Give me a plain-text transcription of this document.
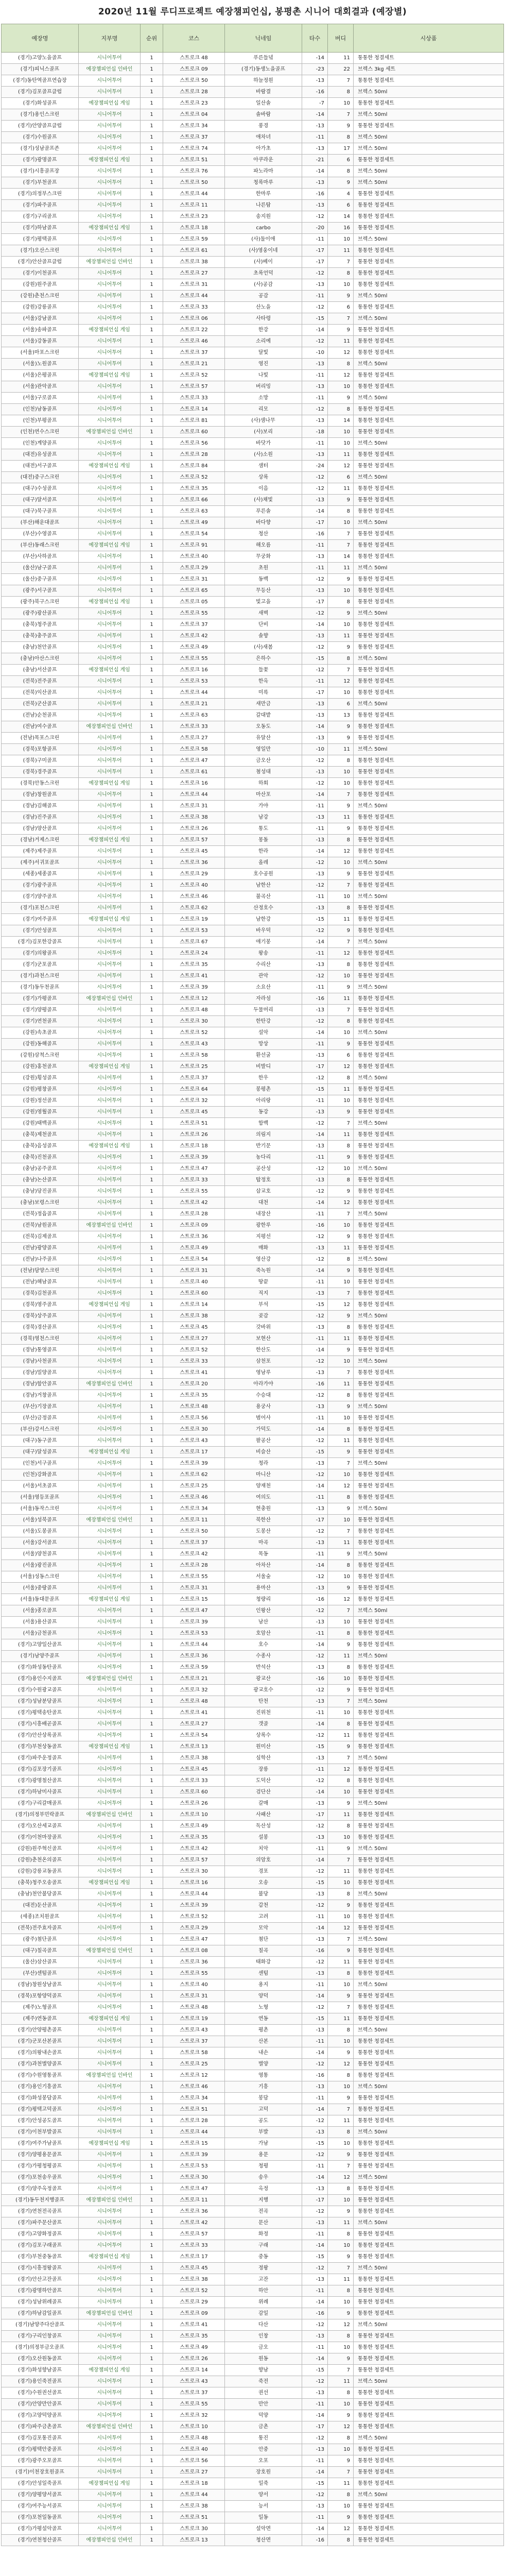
2020년 11월 루디프로젝트 예장챔피언십, 봉평촌 시니어 대회결과 (예장별)
예장명	지부명	순위	코스	닉네임	타수	버디	시상품
(경기)고양노을골프	시니어투어	1	스트로크 48	푸른들녘	-14	11	통통한 청결세트
(경기)피닉스골프	예장챔피언십 인바인	1	스트로크 09	(경기)동생노을골프	-23	22	브렉스 3kg 세트
(경기)동탄역골프연습장	시니어투어	1	스트로크 50	하늘정원	-13	7	통통한 청결세트
(경기)김포골프클럽	시니어투어	1	스트로크 28	바람결	-16	8	브렉스 50ml
(경기)화성골프	예장챔피언십 게임	1	스트로크 23	일산솔	-7	10	통통한 청결세트
(경기)용인스크린	시니어투어	1	스트로크 04	솔바람	-14	7	브렉스 50ml
(경기)안양골프클럽	시니어투어	1	스트로크 34	풍경	-13	9	통통한 청결세트
(경기)수원골프	시니어투어	1	스트로크 37	애차녀	-11	8	브렉스 50ml
(경기)성남골프존	시니어투어	1	스트로크 74	아가초	-13	17	브렉스 50ml
(경기)광명골프	예장챔피언십 게임	1	스트로크 51	아쿠라운	-21	6	통통한 청결세트
(경기)시흥골프장	시니어투어	1	스트로크 76	파노라마	-14	8	브렉스 50ml
(경기)부천골프	시니어투어	1	스트로크 50	청록마루	-13	9	브렉스 50ml
(경기)의정부스크린	시니어투어	1	스트로크 44	한마루	-16	4	통통한 청결세트
(경기)파주골프	시니어투어	1	스트로크 11	나른탐	-13	6	통통한 청결세트
(경기)구리골프	시니어투어	1	스트로크 23	송지원	-12	14	통통한 청결세트
(경기)하남골프	예장챔피언십 게임	1	스트로크 18	carbo	-20	16	통통한 청결세트
(경기)평택골프	시니어투어	1	스트로크 59	(사)둘이애	-11	10	브렉스 50ml
(경기)오산스크린	시니어투어	1	스트로크 61	(사)영웅이네	-17	11	통통한 청결세트
(경기)안산골프클럽	예장챔피언십 인바인	1	스트로크 38	(사)베이	-17	7	통통한 청결세트
(경기)이천골프	시니어투어	1	스트로크 27	초록언덕	-12	8	통통한 청결세트
(강원)원주골프	시니어투어	1	스트로크 31	(사)공감	-13	10	통통한 청결세트
(강원)춘천스크린	시니어투어	1	스트로크 44	공감	-11	9	브렉스 50ml
(강원)강릉골프	시니어투어	1	스트로크 33	산노을	-12	6	통통한 청결세트
(서울)강남골프	시니어투어	1	스트로크 06	사타령	-15	7	브렉스 50ml
(서울)송파골프	예장챔피언십 게임	1	스트로크 22	한강	-14	9	통통한 청결세트
(서울)강동골프	시니어투어	1	스트로크 46	소리예	-12	11	통통한 청결세트
(서울)마포스크린	시니어투어	1	스트로크 37	달빛	-10	12	통통한 청결세트
(서울)노원골프	시니어투어	1	스트로크 21	영진	-13	8	브렉스 50ml
(서울)은평골프	예장챔피언십 게임	1	스트로크 52	나빛	-11	12	통통한 청결세트
(서울)관악골프	시니어투어	1	스트로크 57	버리밍	-13	10	통통한 청결세트
(서울)구로골프	시니어투어	1	스트로크 33	소망	-11	9	브렉스 50ml
(인천)남동골프	시니어투어	1	스트로크 14	리모	-12	8	통통한 청결세트
(인천)부평골프	시니어투어	1	스트로크 81	(사)샘나무	-13	14	통통한 청결세트
(인천)연수스크린	예장챔피언십 인바인	1	스트로크 60	(사)보리	-18	10	통통한 청결세트
(인천)계양골프	시니어투어	1	스트로크 56	바닷가	-11	10	브렉스 50ml
(대전)유성골프	시니어투어	1	스트로크 28	(사)소원	-13	11	통통한 청결세트
(대전)서구골프	예장챔피언십 게임	1	스트로크 84	샘터	-24	12	통통한 청결세트
(대전)중구스크린	시니어투어	1	스트로크 52	상록	-12	6	브렉스 50ml
(대구)수성골프	시니어투어	1	스트로크 35	이음	-12	11	통통한 청결세트
(대구)달서골프	시니어투어	1	스트로크 66	(사)채빛	-13	9	통통한 청결세트
(대구)북구골프	시니어투어	1	스트로크 63	푸른솔	-14	8	통통한 청결세트
(부산)해운대골프	시니어투어	1	스트로크 49	바다향	-17	10	브렉스 50ml
(부산)수영골프	시니어투어	1	스트로크 54	청산	-16	7	통통한 청결세트
(부산)동래스크린	예장챔피언십 게임	1	스트로크 91	해오름	-11	7	통통한 청결세트
(부산)사하골프	시니어투어	1	스트로크 40	무궁화	-13	14	통통한 청결세트
(울산)남구골프	시니어투어	1	스트로크 29	초원	-11	11	브렉스 50ml
(울산)중구골프	시니어투어	1	스트로크 31	동백	-12	9	통통한 청결세트
(광주)서구골프	시니어투어	1	스트로크 65	무등산	-13	10	통통한 청결세트
(광주)북구스크린	예장챔피언십 게임	1	스트로크 05	빛고을	-17	8	통통한 청결세트
(광주)광산골프	시니어투어	1	스트로크 55	새벽	-12	9	브렉스 50ml
(충북)청주골프	시니어투어	1	스트로크 37	단비	-14	10	통통한 청결세트
(충북)충주골프	시니어투어	1	스트로크 42	솔향	-13	11	통통한 청결세트
(충남)천안골프	시니어투어	1	스트로크 49	(사)새봄	-12	9	통통한 청결세트
(충남)아산스크린	시니어투어	1	스트로크 55	은하수	-15	8	브렉스 50ml
(충남)서산골프	예장챔피언십 게임	1	스트로크 16	들꽃	-12	7	통통한 청결세트
(전북)전주골프	시니어투어	1	스트로크 53	한옥	-11	12	통통한 청결세트
(전북)익산골프	시니어투어	1	스트로크 44	미륵	-17	10	통통한 청결세트
(전북)군산골프	시니어투어	1	스트로크 21	새만금	-13	6	브렉스 50ml
(전남)순천골프	시니어투어	1	스트로크 63	갈대밭	-13	13	통통한 청결세트
(전남)여수골프	예장챔피언십 인바인	1	스트로크 33	오동도	-14	9	통통한 청결세트
(전남)목포스크린	시니어투어	1	스트로크 27	유달산	-13	9	통통한 청결세트
(경북)포항골프	시니어투어	1	스트로크 58	영일만	-10	11	브렉스 50ml
(경북)구미골프	시니어투어	1	스트로크 47	금오산	-12	8	통통한 청결세트
(경북)경주골프	시니어투어	1	스트로크 61	첨성대	-13	10	통통한 청결세트
(경북)안동스크린	예장챔피언십 게임	1	스트로크 16	하회	-12	10	통통한 청결세트
(경남)창원골프	시니어투어	1	스트로크 44	마산포	-14	7	통통한 청결세트
(경남)김해골프	시니어투어	1	스트로크 31	가야	-11	9	브렉스 50ml
(경남)진주골프	시니어투어	1	스트로크 38	남강	-13	11	통통한 청결세트
(경남)양산골프	시니어투어	1	스트로크 26	통도	-11	9	통통한 청결세트
(경남)거제스크린	예장챔피언십 게임	1	스트로크 57	몽돌	-13	8	통통한 청결세트
(제주)제주골프	시니어투어	1	스트로크 45	한라	-14	12	통통한 청결세트
(제주)서귀포골프	시니어투어	1	스트로크 36	올레	-12	10	브렉스 50ml
(세종)세종골프	시니어투어	1	스트로크 29	호수공원	-13	9	통통한 청결세트
(경기)광주골프	시니어투어	1	스트로크 40	남한산	-12	7	통통한 청결세트
(경기)양주골프	시니어투어	1	스트로크 46	불곡산	-11	10	브렉스 50ml
(경기)포천스크린	시니어투어	1	스트로크 62	산정호수	-13	8	통통한 청결세트
(경기)여주골프	예장챔피언십 게임	1	스트로크 19	남한강	-15	11	통통한 청결세트
(경기)안성골프	시니어투어	1	스트로크 53	바우덕	-12	9	통통한 청결세트
(경기)김포한강골프	시니어투어	1	스트로크 67	애기봉	-14	7	브렉스 50ml
(경기)의왕골프	시니어투어	1	스트로크 24	왕송	-11	12	통통한 청결세트
(경기)군포골프	시니어투어	1	스트로크 35	수리산	-13	8	통통한 청결세트
(경기)과천스크린	시니어투어	1	스트로크 41	관악	-12	10	통통한 청결세트
(경기)동두천골프	시니어투어	1	스트로크 39	소요산	-11	9	브렉스 50ml
(경기)가평골프	예장챔피언십 인바인	1	스트로크 12	자라섬	-16	11	통통한 청결세트
(경기)양평골프	시니어투어	1	스트로크 48	두물머리	-13	7	통통한 청결세트
(경기)연천골프	시니어투어	1	스트로크 30	한탄강	-12	8	통통한 청결세트
(강원)속초골프	시니어투어	1	스트로크 52	설악	-14	10	브렉스 50ml
(강원)동해골프	시니어투어	1	스트로크 43	망상	-11	9	통통한 청결세트
(강원)삼척스크린	시니어투어	1	스트로크 58	환선굴	-13	6	통통한 청결세트
(강원)홍천골프	예장챔피언십 게임	1	스트로크 25	비발디	-17	12	통통한 청결세트
(강원)횡성골프	시니어투어	1	스트로크 37	한우	-12	8	브렉스 50ml
(강원)평창골프	시니어투어	1	스트로크 64	봉평촌	-15	11	통통한 청결세트
(강원)정선골프	시니어투어	1	스트로크 32	아리랑	-11	10	통통한 청결세트
(강원)영월골프	시니어투어	1	스트로크 45	동강	-13	9	통통한 청결세트
(강원)태백골프	시니어투어	1	스트로크 51	함백	-12	7	브렉스 50ml
(충북)제천골프	시니어투어	1	스트로크 26	의림지	-14	11	통통한 청결세트
(충북)음성골프	예장챔피언십 게임	1	스트로크 18	반기문	-13	8	통통한 청결세트
(충북)진천골프	시니어투어	1	스트로크 39	농다리	-11	9	통통한 청결세트
(충남)공주골프	시니어투어	1	스트로크 47	공산성	-12	10	브렉스 50ml
(충남)논산골프	시니어투어	1	스트로크 33	탑정호	-13	8	통통한 청결세트
(충남)당진골프	시니어투어	1	스트로크 55	삽교호	-12	9	통통한 청결세트
(충남)보령스크린	시니어투어	1	스트로크 42	대천	-14	12	통통한 청결세트
(전북)정읍골프	시니어투어	1	스트로크 28	내장산	-11	7	브렉스 50ml
(전북)남원골프	예장챔피언십 인바인	1	스트로크 09	광한루	-16	10	통통한 청결세트
(전북)김제골프	시니어투어	1	스트로크 36	지평선	-12	9	통통한 청결세트
(전남)광양골프	시니어투어	1	스트로크 49	매화	-13	11	통통한 청결세트
(전남)나주골프	시니어투어	1	스트로크 54	영산강	-12	8	브렉스 50ml
(전남)담양스크린	시니어투어	1	스트로크 31	죽녹원	-14	9	통통한 청결세트
(전남)해남골프	시니어투어	1	스트로크 40	땅끝	-11	10	통통한 청결세트
(경북)김천골프	시니어투어	1	스트로크 60	직지	-13	7	통통한 청결세트
(경북)영주골프	예장챔피언십 게임	1	스트로크 14	부석	-15	12	통통한 청결세트
(경북)상주골프	시니어투어	1	스트로크 38	곶감	-12	9	브렉스 50ml
(경북)경산골프	시니어투어	1	스트로크 45	갓바위	-13	8	통통한 청결세트
(경북)영천스크린	시니어투어	1	스트로크 27	보현산	-11	11	통통한 청결세트
(경남)통영골프	시니어투어	1	스트로크 52	한산도	-14	9	통통한 청결세트
(경남)사천골프	시니어투어	1	스트로크 33	삼천포	-12	10	브렉스 50ml
(경남)밀양골프	시니어투어	1	스트로크 41	영남루	-13	7	통통한 청결세트
(경남)함안골프	예장챔피언십 인바인	1	스트로크 20	아라가야	-16	11	통통한 청결세트
(경남)거창골프	시니어투어	1	스트로크 35	수승대	-12	8	통통한 청결세트
(부산)기장골프	시니어투어	1	스트로크 48	용궁사	-13	9	브렉스 50ml
(부산)금정골프	시니어투어	1	스트로크 56	범어사	-11	10	통통한 청결세트
(부산)강서스크린	시니어투어	1	스트로크 30	가덕도	-14	8	통통한 청결세트
(대구)동구골프	시니어투어	1	스트로크 43	팔공산	-12	11	통통한 청결세트
(대구)달성골프	예장챔피언십 게임	1	스트로크 17	비슬산	-15	9	통통한 청결세트
(인천)서구골프	시니어투어	1	스트로크 39	청라	-13	7	브렉스 50ml
(인천)강화골프	시니어투어	1	스트로크 62	마니산	-12	10	통통한 청결세트
(서울)서초골프	시니어투어	1	스트로크 25	양재천	-14	12	통통한 청결세트
(서울)영등포골프	시니어투어	1	스트로크 46	여의도	-11	8	통통한 청결세트
(서울)동작스크린	시니어투어	1	스트로크 34	현충원	-13	9	브렉스 50ml
(서울)성북골프	예장챔피언십 인바인	1	스트로크 11	북한산	-17	10	통통한 청결세트
(서울)도봉골프	시니어투어	1	스트로크 50	도봉산	-12	7	통통한 청결세트
(서울)강서골프	시니어투어	1	스트로크 37	마곡	-13	11	통통한 청결세트
(서울)양천골프	시니어투어	1	스트로크 42	목동	-11	9	브렉스 50ml
(서울)광진골프	시니어투어	1	스트로크 28	아차산	-14	8	통통한 청결세트
(서울)성동스크린	시니어투어	1	스트로크 55	서울숲	-12	10	통통한 청결세트
(서울)중랑골프	시니어투어	1	스트로크 31	용마산	-13	9	통통한 청결세트
(서울)동대문골프	예장챔피언십 게임	1	스트로크 15	청량리	-16	12	통통한 청결세트
(서울)종로골프	시니어투어	1	스트로크 47	인왕산	-12	7	브렉스 50ml
(서울)용산골프	시니어투어	1	스트로크 39	남산	-13	10	통통한 청결세트
(서울)금천골프	시니어투어	1	스트로크 53	호암산	-11	8	통통한 청결세트
(경기)고양일산골프	시니어투어	1	스트로크 44	호수	-14	9	통통한 청결세트
(경기)남양주골프	시니어투어	1	스트로크 36	수종사	-12	11	브렉스 50ml
(경기)화성동탄골프	시니어투어	1	스트로크 59	반석산	-13	8	통통한 청결세트
(경기)용인수지골프	예장챔피언십 인바인	1	스트로크 21	광교산	-16	10	통통한 청결세트
(경기)수원광교골프	시니어투어	1	스트로크 32	광교호수	-12	9	통통한 청결세트
(경기)성남분당골프	시니어투어	1	스트로크 48	탄천	-13	7	브렉스 50ml
(경기)평택송탄골프	시니어투어	1	스트로크 41	진위천	-11	10	통통한 청결세트
(경기)시흥배곧골프	시니어투어	1	스트로크 27	갯골	-14	8	통통한 청결세트
(경기)안산상록골프	시니어투어	1	스트로크 54	상록수	-12	11	통통한 청결세트
(경기)부천상동골프	예장챔피언십 게임	1	스트로크 13	원미산	-15	9	통통한 청결세트
(경기)파주운정골프	시니어투어	1	스트로크 38	심학산	-13	7	브렉스 50ml
(경기)김포장기골프	시니어투어	1	스트로크 45	장릉	-11	12	통통한 청결세트
(경기)광명철산골프	시니어투어	1	스트로크 33	도덕산	-12	8	통통한 청결세트
(경기)하남미사골프	시니어투어	1	스트로크 60	검단산	-14	10	통통한 청결세트
(경기)구리갈매골프	시니어투어	1	스트로크 26	갈매	-13	9	브렉스 50ml
(경기)의정부민락골프	예장챔피언십 인바인	1	스트로크 10	사패산	-17	11	통통한 청결세트
(경기)오산세교골프	시니어투어	1	스트로크 49	독산성	-12	8	통통한 청결세트
(경기)이천마장골프	시니어투어	1	스트로크 35	설봉	-13	10	통통한 청결세트
(강원)원주혁신골프	시니어투어	1	스트로크 42	치악	-11	9	브렉스 50ml
(강원)춘천온의골프	시니어투어	1	스트로크 57	의암호	-14	7	통통한 청결세트
(강원)강릉교동골프	시니어투어	1	스트로크 30	경포	-12	11	통통한 청결세트
(충북)청주오송골프	예장챔피언십 게임	1	스트로크 16	오송	-15	10	통통한 청결세트
(충남)천안불당골프	시니어투어	1	스트로크 44	불당	-13	8	브렉스 50ml
(대전)둔산골프	시니어투어	1	스트로크 39	갑천	-12	9	통통한 청결세트
(세종)조치원골프	시니어투어	1	스트로크 52	고려	-11	10	통통한 청결세트
(전북)전주효자골프	시니어투어	1	스트로크 29	모악	-14	12	통통한 청결세트
(광주)첨단골프	시니어투어	1	스트로크 47	첨단	-13	7	브렉스 50ml
(대구)칠곡골프	예장챔피언십 인바인	1	스트로크 08	칠곡	-16	9	통통한 청결세트
(울산)삼산골프	시니어투어	1	스트로크 36	태화강	-12	11	통통한 청결세트
(부산)센텀골프	시니어투어	1	스트로크 55	센텀	-13	8	통통한 청결세트
(경남)창원상남골프	시니어투어	1	스트로크 40	용지	-11	10	브렉스 50ml
(경북)포항양덕골프	시니어투어	1	스트로크 31	양덕	-14	9	통통한 청결세트
(제주)노형골프	시니어투어	1	스트로크 48	노형	-12	7	통통한 청결세트
(제주)연동골프	예장챔피언십 게임	1	스트로크 19	연동	-15	11	통통한 청결세트
(경기)안양평촌골프	시니어투어	1	스트로크 43	평촌	-13	8	브렉스 50ml
(경기)군포산본골프	시니어투어	1	스트로크 37	산본	-11	10	통통한 청결세트
(경기)의왕내손골프	시니어투어	1	스트로크 58	내손	-14	9	통통한 청결세트
(경기)과천별양골프	시니어투어	1	스트로크 25	별양	-12	12	통통한 청결세트
(경기)수원영통골프	예장챔피언십 인바인	1	스트로크 12	영통	-16	8	통통한 청결세트
(경기)용인기흥골프	시니어투어	1	스트로크 46	기흥	-13	10	브렉스 50ml
(경기)화성봉담골프	시니어투어	1	스트로크 34	봉담	-11	9	통통한 청결세트
(경기)평택고덕골프	시니어투어	1	스트로크 51	고덕	-14	7	통통한 청결세트
(경기)안성공도골프	시니어투어	1	스트로크 28	공도	-12	11	통통한 청결세트
(경기)이천부발골프	시니어투어	1	스트로크 44	부발	-13	8	브렉스 50ml
(경기)여주가남골프	예장챔피언십 게임	1	스트로크 15	가남	-15	10	통통한 청결세트
(경기)양평용문골프	시니어투어	1	스트로크 39	용문	-12	9	통통한 청결세트
(경기)가평청평골프	시니어투어	1	스트로크 53	청평	-11	7	통통한 청결세트
(경기)포천송우골프	시니어투어	1	스트로크 30	송우	-14	12	브렉스 50ml
(경기)양주옥정골프	시니어투어	1	스트로크 47	옥정	-13	8	통통한 청결세트
(경기)동두천지행골프	예장챔피언십 인바인	1	스트로크 11	지행	-17	10	통통한 청결세트
(경기)연천전곡골프	시니어투어	1	스트로크 36	전곡	-12	9	통통한 청결세트
(경기)파주문산골프	시니어투어	1	스트로크 42	문산	-13	11	브렉스 50ml
(경기)고양화정골프	시니어투어	1	스트로크 57	화정	-11	8	통통한 청결세트
(경기)김포구래골프	시니어투어	1	스트로크 33	구래	-14	10	통통한 청결세트
(경기)부천중동골프	예장챔피언십 게임	1	스트로크 17	중동	-15	9	통통한 청결세트
(경기)시흥정왕골프	시니어투어	1	스트로크 45	정왕	-12	7	브렉스 50ml
(경기)안산고잔골프	시니어투어	1	스트로크 38	고잔	-13	11	통통한 청결세트
(경기)광명하안골프	시니어투어	1	스트로크 52	하안	-11	8	통통한 청결세트
(경기)성남위례골프	시니어투어	1	스트로크 29	위례	-14	10	통통한 청결세트
(경기)하남감일골프	예장챔피언십 인바인	1	스트로크 09	감일	-16	9	통통한 청결세트
(경기)남양주다산골프	시니어투어	1	스트로크 41	다산	-12	12	브렉스 50ml
(경기)구리인창골프	시니어투어	1	스트로크 35	인창	-13	8	통통한 청결세트
(경기)의정부금오골프	시니어투어	1	스트로크 49	금오	-11	10	통통한 청결세트
(경기)오산원동골프	시니어투어	1	스트로크 26	원동	-14	9	통통한 청결세트
(경기)화성향남골프	예장챔피언십 게임	1	스트로크 14	향남	-15	7	통통한 청결세트
(경기)용인죽전골프	시니어투어	1	스트로크 43	죽전	-12	11	브렉스 50ml
(경기)수원권선골프	시니어투어	1	스트로크 37	권선	-13	8	통통한 청결세트
(경기)안양만안골프	시니어투어	1	스트로크 55	만안	-11	10	통통한 청결세트
(경기)고양덕양골프	시니어투어	1	스트로크 32	덕양	-14	9	통통한 청결세트
(경기)파주금촌골프	예장챔피언십 인바인	1	스트로크 10	금촌	-17	12	통통한 청결세트
(경기)김포통진골프	시니어투어	1	스트로크 48	통진	-12	8	브렉스 50ml
(경기)평택안중골프	시니어투어	1	스트로크 40	안중	-13	10	통통한 청결세트
(경기)광주오포골프	시니어투어	1	스트로크 56	오포	-11	9	통통한 청결세트
(경기)이천장호원골프	시니어투어	1	스트로크 27	장호원	-14	7	통통한 청결세트
(경기)안성일죽골프	예장챔피언십 게임	1	스트로크 18	일죽	-15	11	통통한 청결세트
(경기)양평양서골프	시니어투어	1	스트로크 44	양서	-12	8	브렉스 50ml
(경기)여주능서골프	시니어투어	1	스트로크 38	능서	-13	10	통통한 청결세트
(경기)포천일동골프	시니어투어	1	스트로크 51	일동	-11	9	통통한 청결세트
(경기)가평설악골프	시니어투어	1	스트로크 30	설악면	-14	12	통통한 청결세트
(경기)연천청산골프	예장챔피언십 인바인	1	스트로크 13	청산면	-16	8	통통한 청결세트
